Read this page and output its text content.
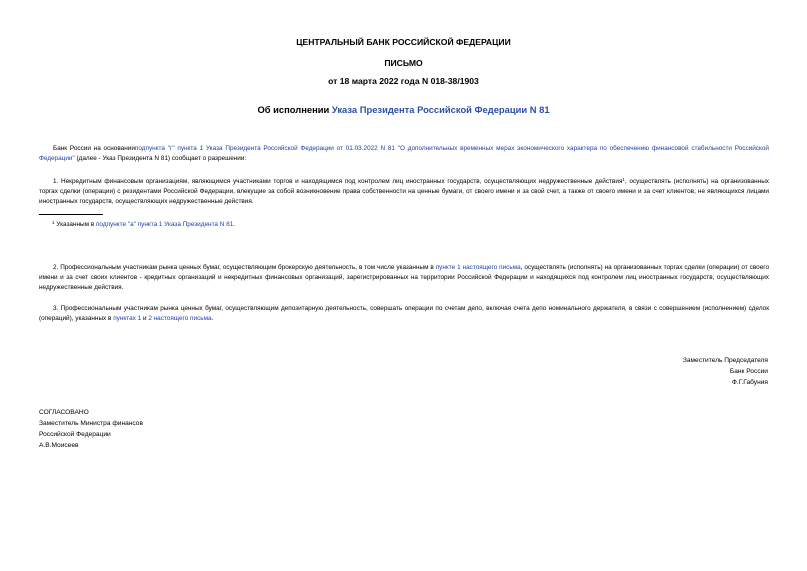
ЦЕНТРАЛЬНЫЙ БАНК РОССИЙСКОЙ ФЕДЕРАЦИИ
ПИСЬМО
от 18 марта 2022 года N 018-38/1903
Об исполнении Указа Президента Российской Федерации N 81
Банк России на основанииподпункта "г" пункта 1 Указа Президента Российской Федерации от 01.03.2022 N 81 "О дополнительных временных мерах экономического характера по обеспечению финансовой стабильности Российской Федерации" (далее - Указ Президента N 81) сообщает о разрешении:
1. Некредитным финансовым организациям, являющимся участниками торгов и находящимся под контролем лиц иностранных государств, осуществляющих недружественные действия$^1$, осуществлять (исполнять) на организованных торгах сделки (операции) с резидентами Российской Федерации, влекущие за собой возникновение права собственности на ценные бумаги, от своего имени и за свой счет, а также от своего имени и за счет клиентов, не являющихся лицами иностранных государств, осуществляющих недружественные действия.
$^1$ Указанным в подпункте "а" пункта 1 Указа Президента N 81.
2. Профессиональным участникам рынка ценных бумаг, осуществляющим брокерскую деятельность, в том числе указанным в пункте 1 настоящего письма, осуществлять (исполнять) на организованных торгах сделки (операции) от своего имени и за счет своих клиентов - кредитных организаций и некредитных финансовых организаций, зарегистрированных на территории Российской Федерации и находящихся под контролем лиц иностранных государств, осуществляющих недружественные действия.
3. Профессиональным участникам рынка ценных бумаг, осуществляющим депозитарную деятельность, совершать операции по счетам депо, включая счета депо номинального держателя, в связи с совершением (исполнением) сделок (операций), указанных в пунктах 1 и 2 настоящего письма.
Заместитель Председателя
Банк России
Ф.Г.Габуния
СОГЛАСОВАНО
Заместитель Министра финансов
Российской Федерации
А.В.Моисеев
